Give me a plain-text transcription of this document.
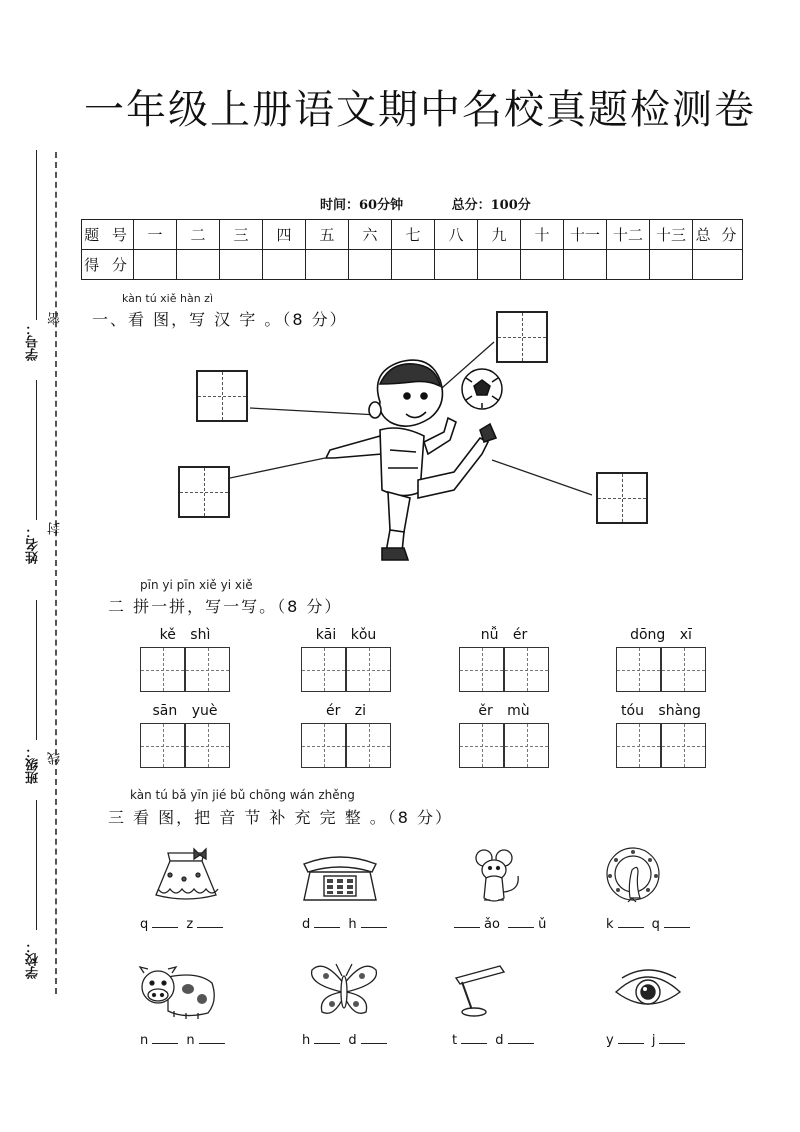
一年级上册语文期中名校真题检测卷
学号：
姓名：
班级：
学校：
密
封
线
时间：60分钟	总分：100分
题 号	一	二	三	四	五	六	七	八	九	十	十一	十二	十三	总 分
得 分														
kàn tú xiě hàn zì
一、看 图，写 汉 字 。（8 分）
pīn yi pīn xiě yi xiě
二 拼一拼，写一写。（8 分）
kě shì	kāi kǒu	nǚ ér	dōng xī
sān yuè	ér zi	ěr mù	tóu shàng
kàn tú bǎ yīn jié bǔ chōng wán zhěng
三 看 图，把 音 节 补 充 完 整 。（8 分）
q	z	d	h	ǎo	ǔ	k	q
n	n	h	d	t	d	y	j
